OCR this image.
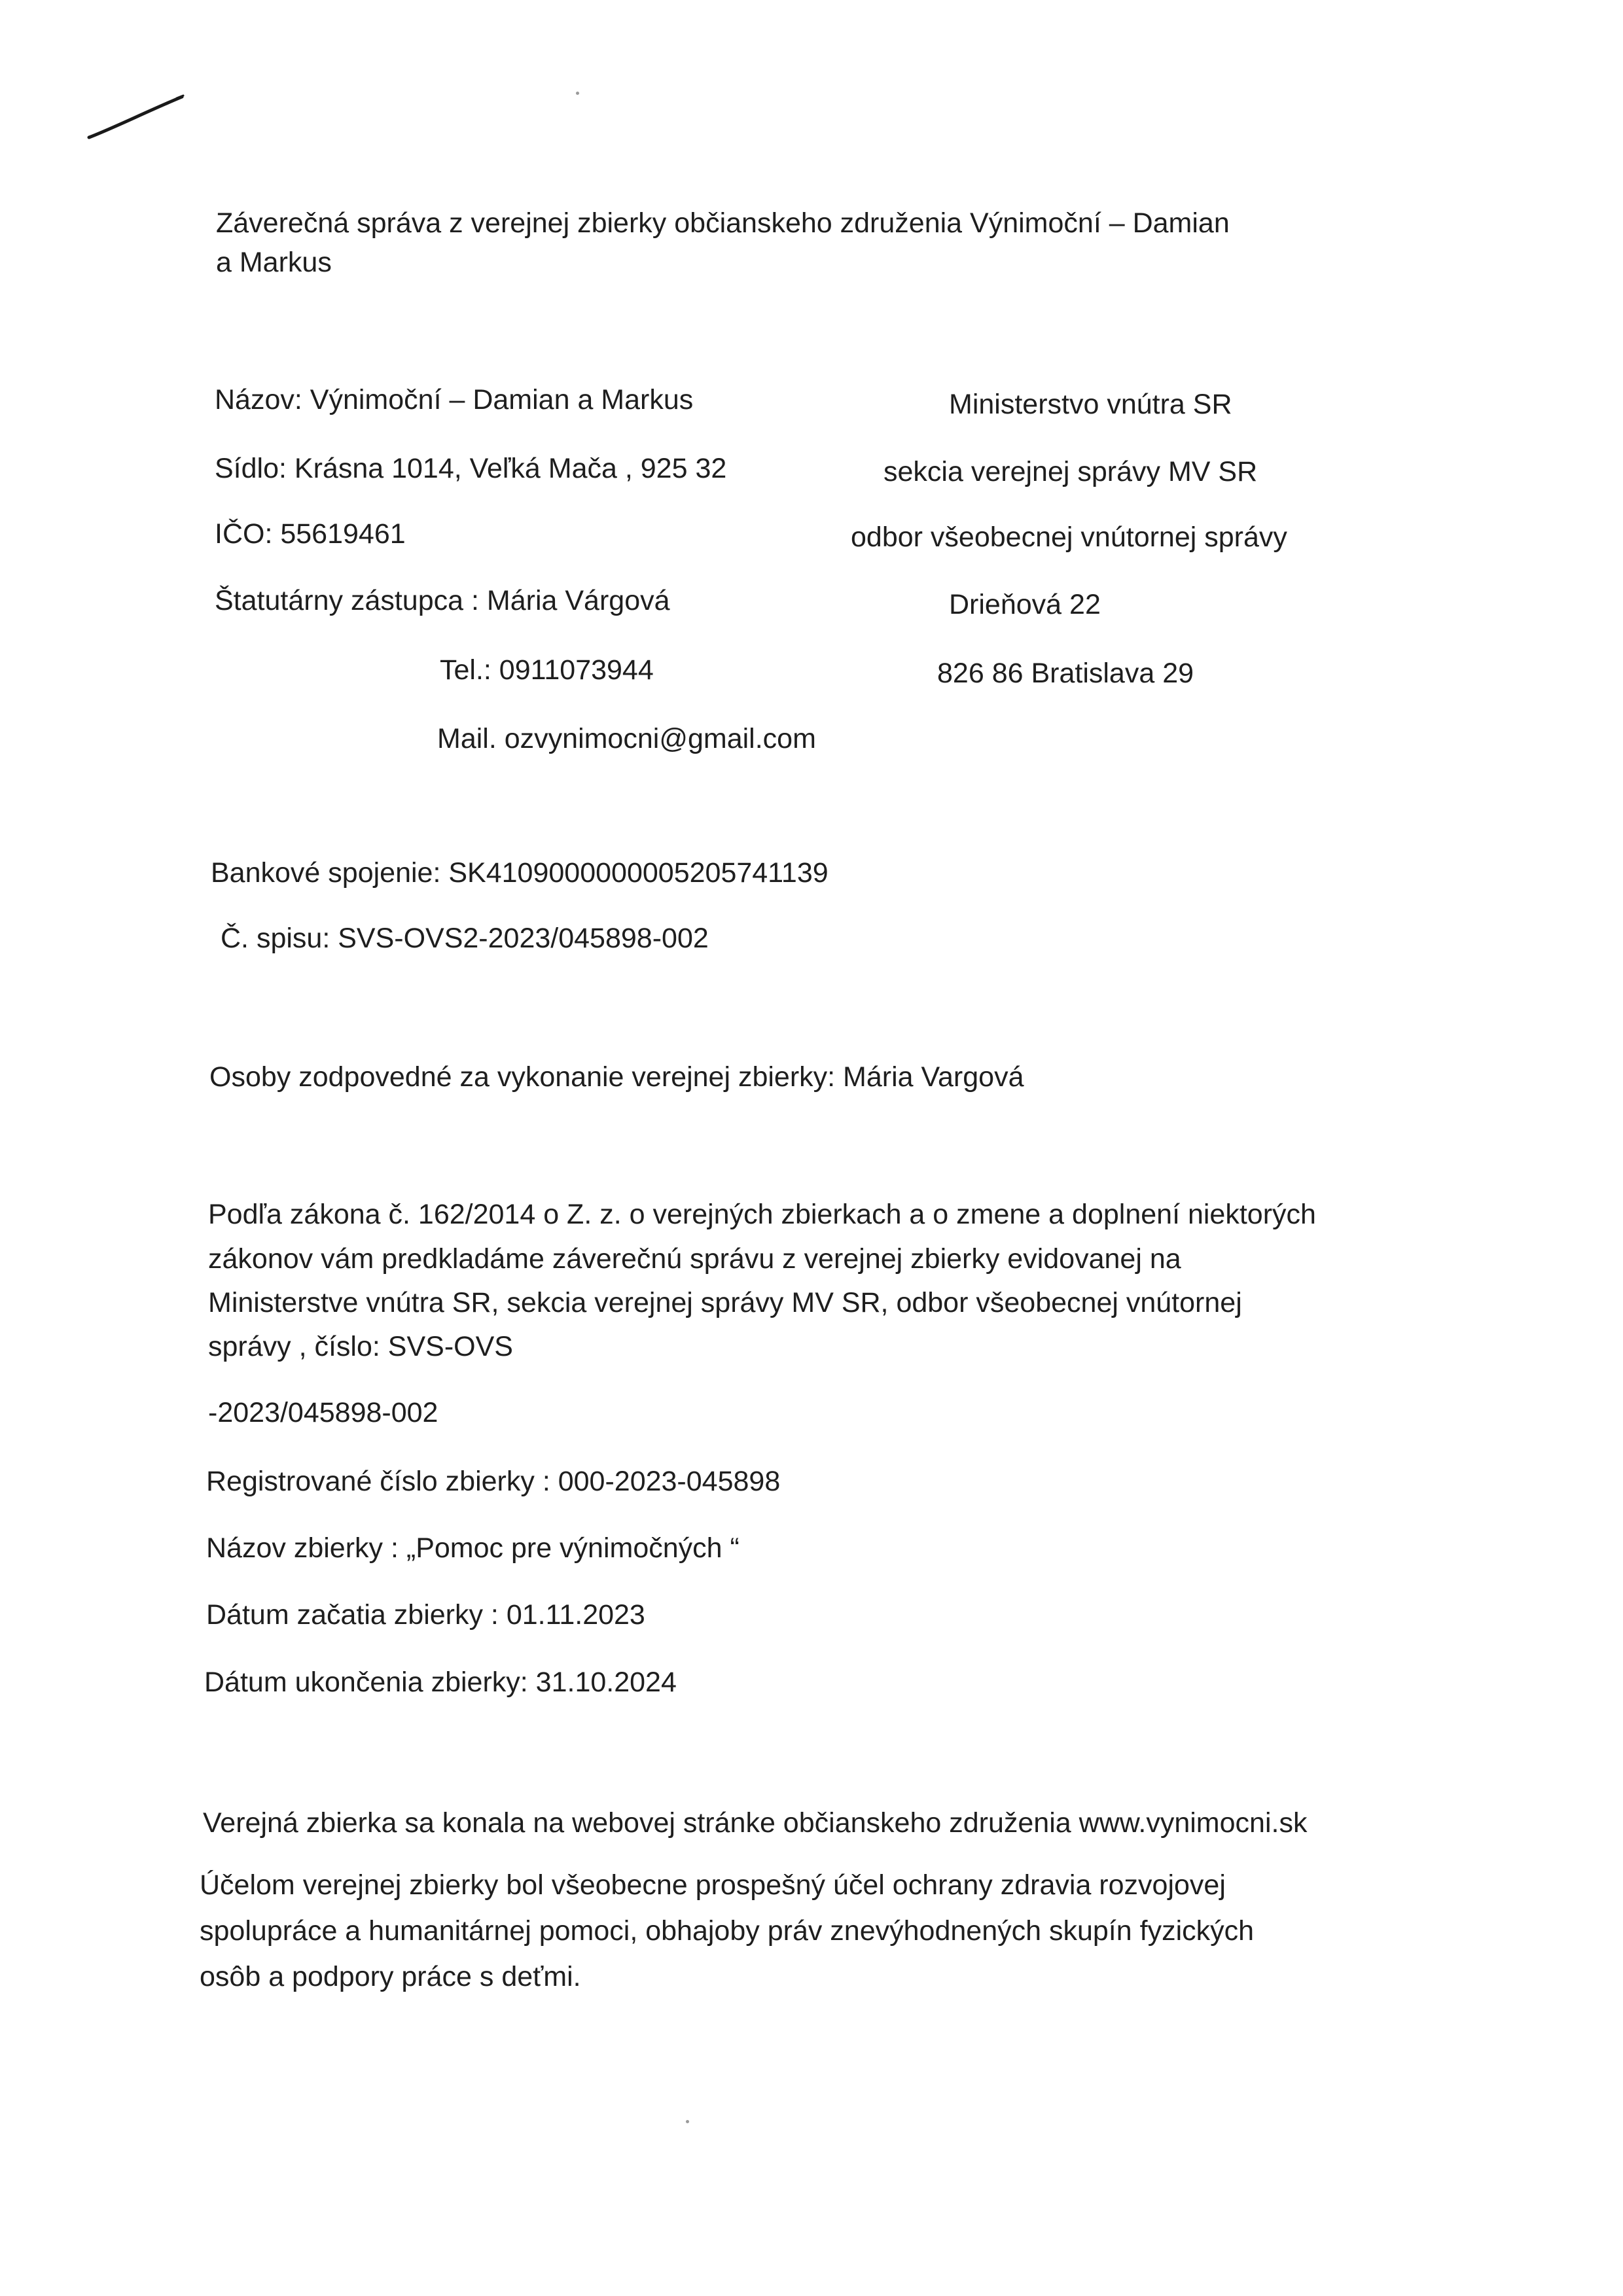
Záverečná správa z verejnej zbierky občianskeho združenia Výnimoční – Damian

a Markus

Názov: Výnimoční – Damian a Markus

Sídlo: Krásna 1014, Veľká Mača , 925 32

IČO: 55619461

Štatutárny zástupca : Mária Várgová

Tel.: 0911073944

Mail. ozvynimocni@gmail.com

Ministerstvo vnútra SR

sekcia verejnej správy MV SR

odbor všeobecnej vnútornej správy

Drieňová 22

826 86 Bratislava 29

Bankové spojenie: SK4109000000005205741139

Č. spisu: SVS-OVS2-2023/045898-002

Osoby zodpovedné za vykonanie verejnej zbierky: Mária Vargová

Podľa zákona č. 162/2014 o Z. z. o verejných zbierkach a o zmene a doplnení niektorých

zákonov vám predkladáme záverečnú správu z verejnej zbierky evidovanej na

Ministerstve vnútra SR, sekcia verejnej správy MV SR, odbor všeobecnej vnútornej

správy , číslo: SVS-OVS

-2023/045898-002

Registrované číslo zbierky : 000-2023-045898

Názov zbierky : „Pomoc pre výnimočných “

Dátum začatia zbierky : 01.11.2023

Dátum ukončenia zbierky: 31.10.2024

Verejná zbierka sa konala na webovej stránke občianskeho združenia www.vynimocni.sk

Účelom verejnej zbierky bol všeobecne prospešný účel ochrany zdravia rozvojovej

spolupráce a humanitárnej pomoci, obhajoby práv znevýhodnených skupín fyzických

osôb a podpory práce s deťmi.
